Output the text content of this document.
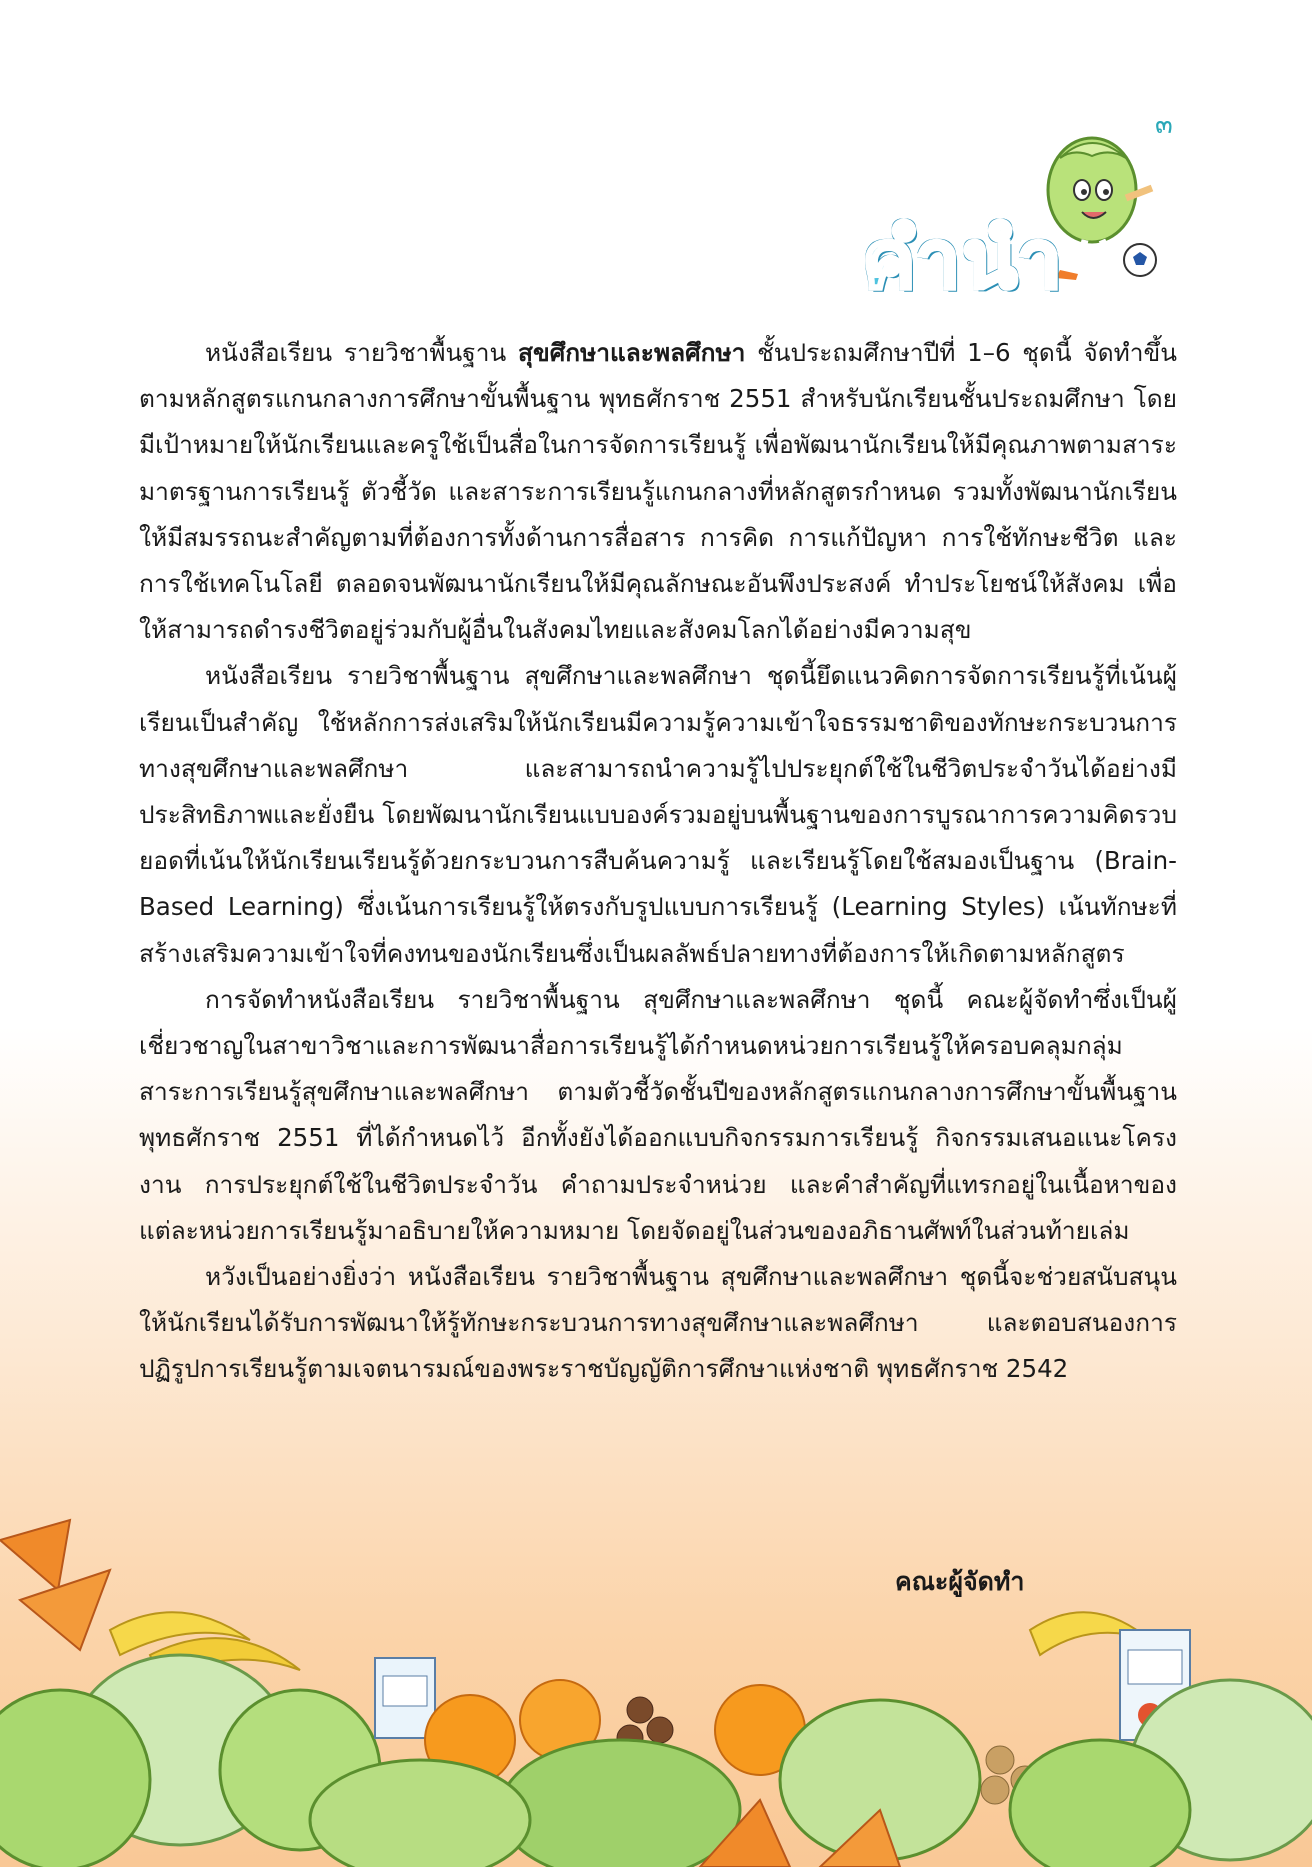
๓
คำนำ

หนังสือเรียน รายวิชาพื้นฐาน สุขศึกษาและพลศึกษา ชั้นประถมศึกษาปีที่ 1–6 ชุดนี้ จัดทำขึ้นตามหลักสูตรแกนกลางการศึกษาขั้นพื้นฐาน พุทธศักราช 2551 สำหรับนักเรียนชั้นประถมศึกษา โดยมีเป้าหมายให้นักเรียนและครูใช้เป็นสื่อในการจัดการเรียนรู้ เพื่อพัฒนานักเรียนให้มีคุณภาพตามสาระ มาตรฐานการเรียนรู้ ตัวชี้วัด และสาระการเรียนรู้แกนกลางที่หลักสูตรกำหนด รวมทั้งพัฒนานักเรียนให้มีสมรรถนะสำคัญตามที่ต้องการทั้งด้านการสื่อสาร การคิด การแก้ปัญหา การใช้ทักษะชีวิต และการใช้เทคโนโลยี ตลอดจนพัฒนานักเรียนให้มีคุณลักษณะอันพึงประสงค์ ทำประโยชน์ให้สังคม เพื่อให้สามารถดำรงชีวิตอยู่ร่วมกับผู้อื่นในสังคมไทยและสังคมโลกได้อย่างมีความสุข

หนังสือเรียน รายวิชาพื้นฐาน สุขศึกษาและพลศึกษา ชุดนี้ยึดแนวคิดการจัดการเรียนรู้ที่เน้นผู้เรียนเป็นสำคัญ ใช้หลักการส่งเสริมให้นักเรียนมีความรู้ความเข้าใจธรรมชาติของทักษะกระบวนการทางสุขศึกษาและพลศึกษา และสามารถนำความรู้ไปประยุกต์ใช้ในชีวิตประจำวันได้อย่างมีประสิทธิภาพและยั่งยืน โดยพัฒนานักเรียนแบบองค์รวมอยู่บนพื้นฐานของการบูรณาการความคิดรวบยอดที่เน้นให้นักเรียนเรียนรู้ด้วยกระบวนการสืบค้นความรู้ และเรียนรู้โดยใช้สมองเป็นฐาน (Brain-Based Learning) ซึ่งเน้นการเรียนรู้ให้ตรงกับรูปแบบการเรียนรู้ (Learning Styles) เน้นทักษะที่สร้างเสริมความเข้าใจที่คงทนของนักเรียนซึ่งเป็นผลลัพธ์ปลายทางที่ต้องการให้เกิดตามหลักสูตร

การจัดทำหนังสือเรียน รายวิชาพื้นฐาน สุขศึกษาและพลศึกษา ชุดนี้ คณะผู้จัดทำซึ่งเป็นผู้เชี่ยวชาญในสาขาวิชาและการพัฒนาสื่อการเรียนรู้ได้กำหนดหน่วยการเรียนรู้ให้ครอบคลุมกลุ่มสาระการเรียนรู้สุขศึกษาและพลศึกษา ตามตัวชี้วัดชั้นปีของหลักสูตรแกนกลางการศึกษาขั้นพื้นฐาน พุทธศักราช 2551 ที่ได้กำหนดไว้ อีกทั้งยังได้ออกแบบกิจกรรมการเรียนรู้ กิจกรรมเสนอแนะโครงงาน การประยุกต์ใช้ในชีวิตประจำวัน คำถามประจำหน่วย และคำสำคัญที่แทรกอยู่ในเนื้อหาของแต่ละหน่วยการเรียนรู้มาอธิบายให้ความหมาย โดยจัดอยู่ในส่วนของอภิธานศัพท์ในส่วนท้ายเล่ม

หวังเป็นอย่างยิ่งว่า หนังสือเรียน รายวิชาพื้นฐาน สุขศึกษาและพลศึกษา ชุดนี้จะช่วยสนับสนุนให้นักเรียนได้รับการพัฒนาให้รู้ทักษะกระบวนการทางสุขศึกษาและพลศึกษา และตอบสนองการปฏิรูปการเรียนรู้ตามเจตนารมณ์ของพระราชบัญญัติการศึกษาแห่งชาติ พุทธศักราช 2542

คณะผู้จัดทำ
